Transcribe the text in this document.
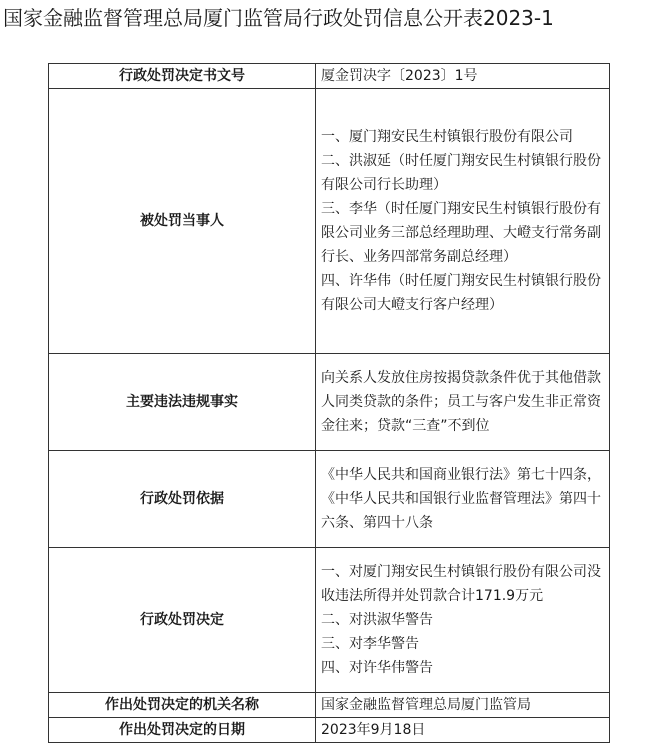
国家金融监督管理总局厦门监管局行政处罚信息公开表2023-1
行政处罚决定书文号	厦金罚决字〔2023〕1号

被处罚当事人	一、厦门翔安民生村镇银行股份有限公司
二、洪淑延（时任厦门翔安民生村镇银行股份有限公司行长助理）
三、李华（时任厦门翔安民生村镇银行股份有限公司业务三部总经理助理、大嶝支行常务副行长、业务四部常务副总经理）
四、许华伟（时任厦门翔安民生村镇银行股份有限公司大嶝支行客户经理）

主要违法违规事实	向关系人发放住房按揭贷款条件优于其他借款人同类贷款的条件；员工与客户发生非正常资金往来；贷款“三查”不到位

行政处罚依据	《中华人民共和国商业银行法》第七十四条，《中华人民共和国银行业监督管理法》第四十六条、第四十八条

行政处罚决定	一、对厦门翔安民生村镇银行股份有限公司没收违法所得并处罚款合计171.9万元
二、对洪淑华警告
三、对李华警告
四、对许华伟警告

作出处罚决定的机关名称	国家金融监督管理总局厦门监管局

作出处罚决定的日期	2023年9月18日
